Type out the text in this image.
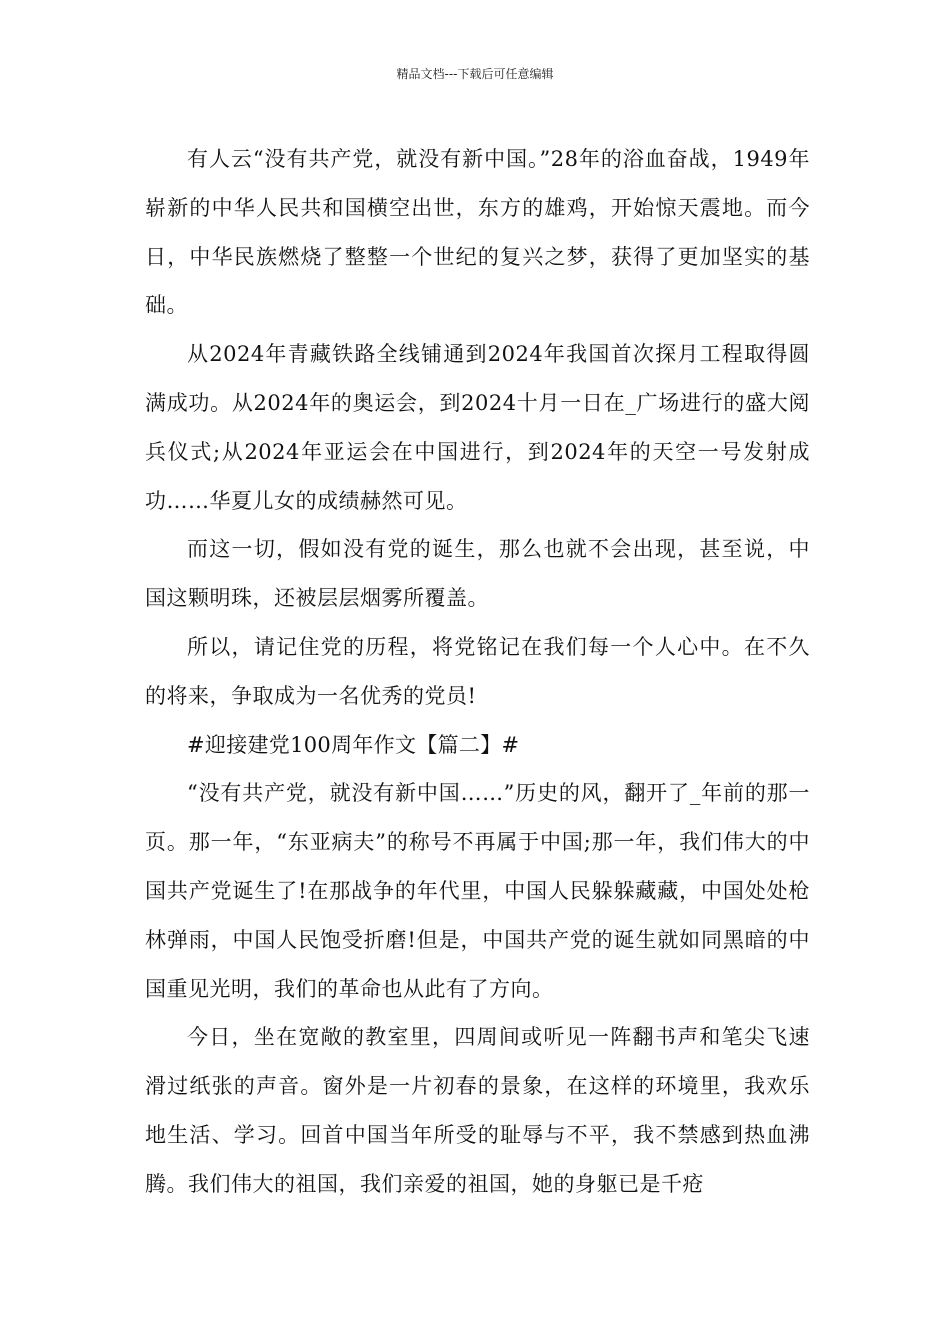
精品文档---下载后可任意编辑

有人云“没有共产党，就没有新中国。”28年的浴血奋战，1949年崭新的中华人民共和国横空出世，东方的雄鸡，开始惊天震地。而今日，中华民族燃烧了整整一个世纪的复兴之梦，获得了更加坚实的基础。

从2024年青藏铁路全线铺通到2024年我国首次探月工程取得圆满成功。从2024年的奥运会，到2024十月一日在_广场进行的盛大阅兵仪式;从2024年亚运会在中国进行，到2024年的天空一号发射成功……华夏儿女的成绩赫然可见。

而这一切，假如没有党的诞生，那么也就不会出现，甚至说，中国这颗明珠，还被层层烟雾所覆盖。

所以，请记住党的历程，将党铭记在我们每一个人心中。在不久的将来，争取成为一名优秀的党员!

#迎接建党100周年作文【篇二】#

“没有共产党，就没有新中国……”历史的风，翻开了_年前的那一页。那一年，“东亚病夫”的称号不再属于中国;那一年，我们伟大的中国共产党诞生了!在那战争的年代里，中国人民躲躲藏藏，中国处处枪林弹雨，中国人民饱受折磨!但是，中国共产党的诞生就如同黑暗的中国重见光明，我们的革命也从此有了方向。

今日，坐在宽敞的教室里，四周间或听见一阵翻书声和笔尖飞速滑过纸张的声音。窗外是一片初春的景象，在这样的环境里，我欢乐地生活、学习。回首中国当年所受的耻辱与不平，我不禁感到热血沸腾。我们伟大的祖国，我们亲爱的祖国，她的身躯已是千疮
